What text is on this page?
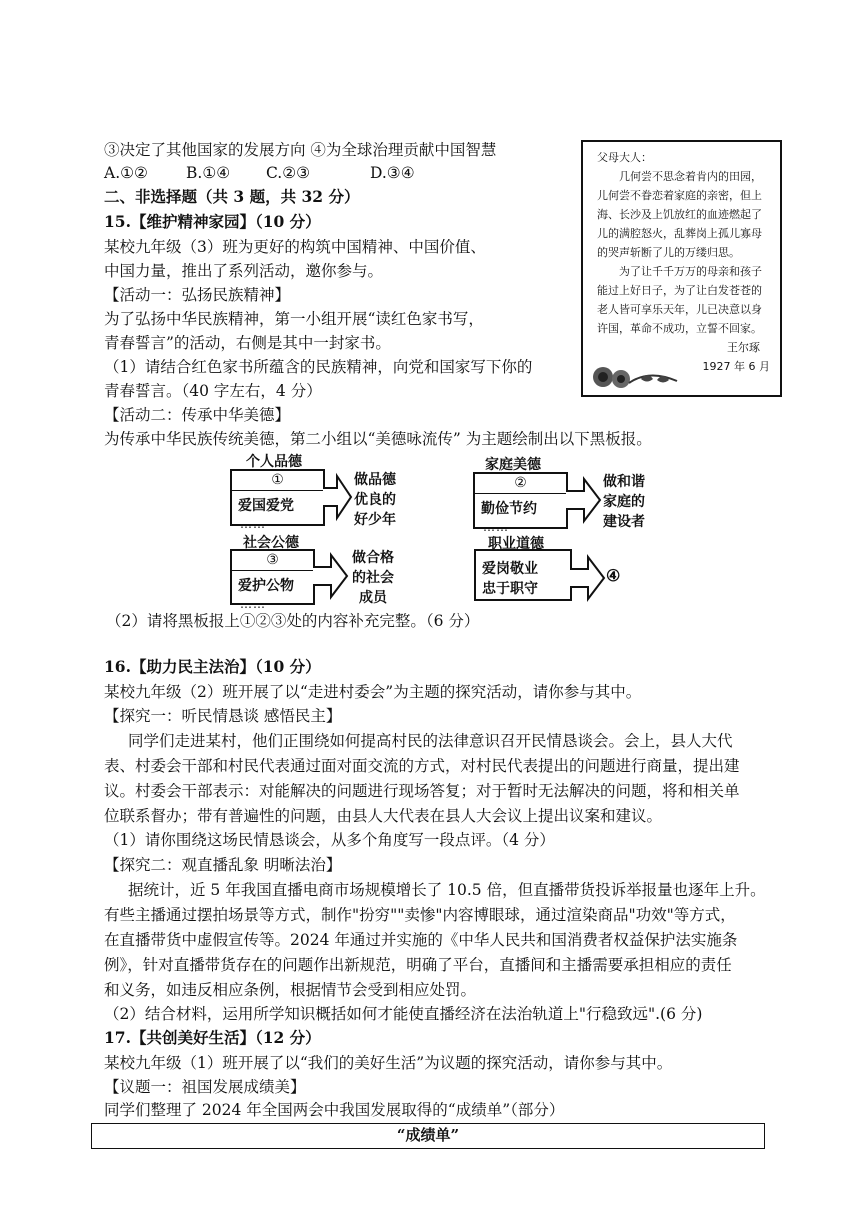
③决定了其他国家的发展方向 ④为全球治理贡献中国智慧
A.①② B.①④ C.②③	D.③④
二、非选择题（共 3 题，共 32 分）
15.【维护精神家园】（10 分）
某校九年级（3）班为更好的构筑中国精神、中国价值、
中国力量，推出了系列活动，邀你参与。
【活动一：弘扬民族精神】
为了弘扬中华民族精神，第一小组开展“读红色家书写，
青春誓言”的活动，右侧是其中一封家书。
（1）请结合红色家书所蕴含的民族精神，向党和国家写下你的
青春誓言。（40 字左右，4 分）
【活动二：传承中华美德】
为传承中华民族传统美德，第二小组以“美德咏流传” 为主题绘制出以下黑板报。
父母大人：

几何尝不思念着肯内的田园，儿何尝不眷恋着家庭的亲密，但上海、长沙及上饥放红的血迹燃起了儿的满腔怒火，乱葬岗上孤儿寡母的哭声斩断了儿的万缕归思。

为了让千千万万的母亲和孩子能过上好日子，为了让白发苍苍的老人皆可享乐天年，儿已决意以身许国，革命不成功，立誓不回家。

王尔琢
1927 年 6 月
个人品德
①
爱国爱党
……
做品德
优良的
好少年
家庭美德
②
勤俭节约
……
做和谐
家庭的
建设者
社会公德
③
爱护公物
……
做合格
的社会
成员
职业道德
爱岗敬业
忠于职守
④
（2）请将黑板报上①②③处的内容补充完整。（6 分）
16.【助力民主法治】（10 分）
某校九年级（2）班开展了以“走进村委会”为主题的探究活动，请你参与其中。
【探究一：听民情恳谈 感悟民主】
同学们走进某村，他们正围绕如何提高村民的法律意识召开民情恳谈会。会上，县人大代
表、村委会干部和村民代表通过面对面交流的方式，对村民代表提出的问题进行商量，提出建
议。村委会干部表示：对能解决的问题进行现场答复；对于暂时无法解决的问题，将和相关单
位联系督办；带有普遍性的问题，由县人大代表在县人大会议上提出议案和建议。
（1）请你围绕这场民情恳谈会，从多个角度写一段点评。（4 分）
【探究二：观直播乱象 明晰法治】
据统计，近 5 年我国直播电商市场规模增长了 10.5 倍，但直播带货投诉举报量也逐年上升。
有些主播通过摆拍场景等方式，制作"扮穷""卖惨"内容博眼球，通过渲染商品"功效"等方式，
在直播带货中虚假宣传等。2024 年通过并实施的《中华人民共和国消费者权益保护法实施条
例》，针对直播带货存在的问题作出新规范，明确了平台，直播间和主播需要承担相应的责任
和义务，如违反相应条例，根据情节会受到相应处罚。
（2）结合材料，运用所学知识概括如何才能使直播经济在法治轨道上"行稳致远".(6 分)
17.【共创美好生活】（12 分）
某校九年级（1）班开展了以“我们的美好生活”为议题的探究活动，请你参与其中。
【议题一：祖国发展成绩美】
同学们整理了 2024 年全国两会中我国发展取得的“成绩单”（部分）
“成绩单”
